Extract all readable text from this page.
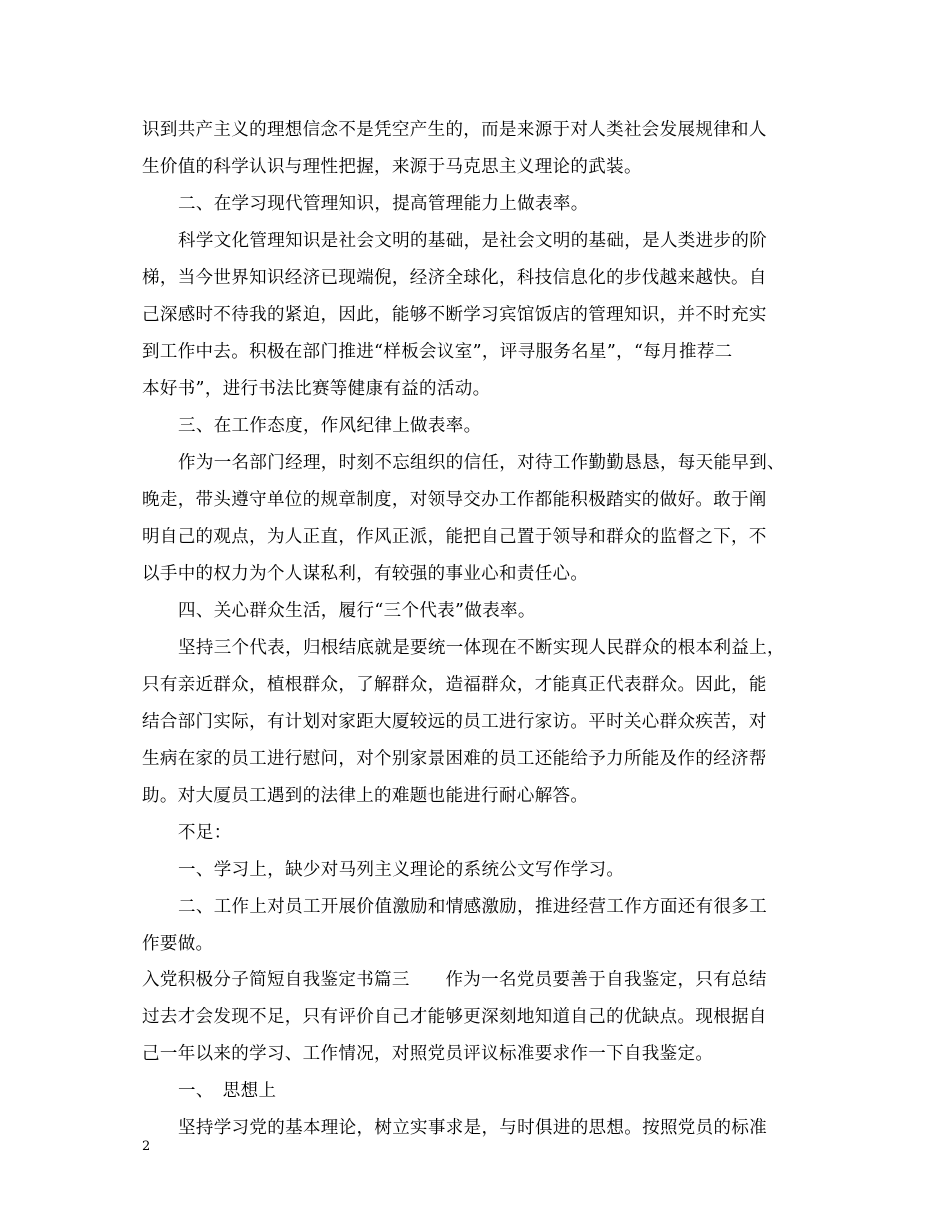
识到共产主义的理想信念不是凭空产生的，而是来源于对人类社会发展规律和人
生价值的科学认识与理性把握，来源于马克思主义理论的武装。
二、在学习现代管理知识，提高管理能力上做表率。
科学文化管理知识是社会文明的基础，是社会文明的基础，是人类进步的阶
梯，当今世界知识经济已现端倪，经济全球化，科技信息化的步伐越来越快。自
己深感时不待我的紧迫，因此，能够不断学习宾馆饭店的管理知识，并不时充实
到工作中去。积极在部门推进“样板会议室”，评寻服务名星”，“每月推荐二
本好书”，进行书法比赛等健康有益的活动。
三、在工作态度，作风纪律上做表率。
作为一名部门经理，时刻不忘组织的信任，对待工作勤勤恳恳，每天能早到、
晚走，带头遵守单位的规章制度，对领导交办工作都能积极踏实的做好。敢于阐
明自己的观点，为人正直，作风正派，能把自己置于领导和群众的监督之下，不
以手中的权力为个人谋私利，有较强的事业心和责任心。
四、关心群众生活，履行“三个代表”做表率。
坚持三个代表，归根结底就是要统一体现在不断实现人民群众的根本利益上，
只有亲近群众，植根群众，了解群众，造福群众，才能真正代表群众。因此，能
结合部门实际，有计划对家距大厦较远的员工进行家访。平时关心群众疾苦，对
生病在家的员工进行慰问，对个别家景困难的员工还能给予力所能及作的经济帮
助。对大厦员工遇到的法律上的难题也能进行耐心解答。
不足：
一、学习上，缺少对马列主义理论的系统公文写作学习。
二、工作上对员工开展价值激励和情感激励，推进经营工作方面还有很多工
作要做。
入党积极分子简短自我鉴定书篇三　　作为一名党员要善于自我鉴定，只有总结
过去才会发现不足，只有评价自己才能够更深刻地知道自己的优缺点。现根据自
己一年以来的学习、工作情况，对照党员评议标准要求作一下自我鉴定。
一、　思想上
坚持学习党的基本理论，树立实事求是，与时俱进的思想。按照党员的标准
2
